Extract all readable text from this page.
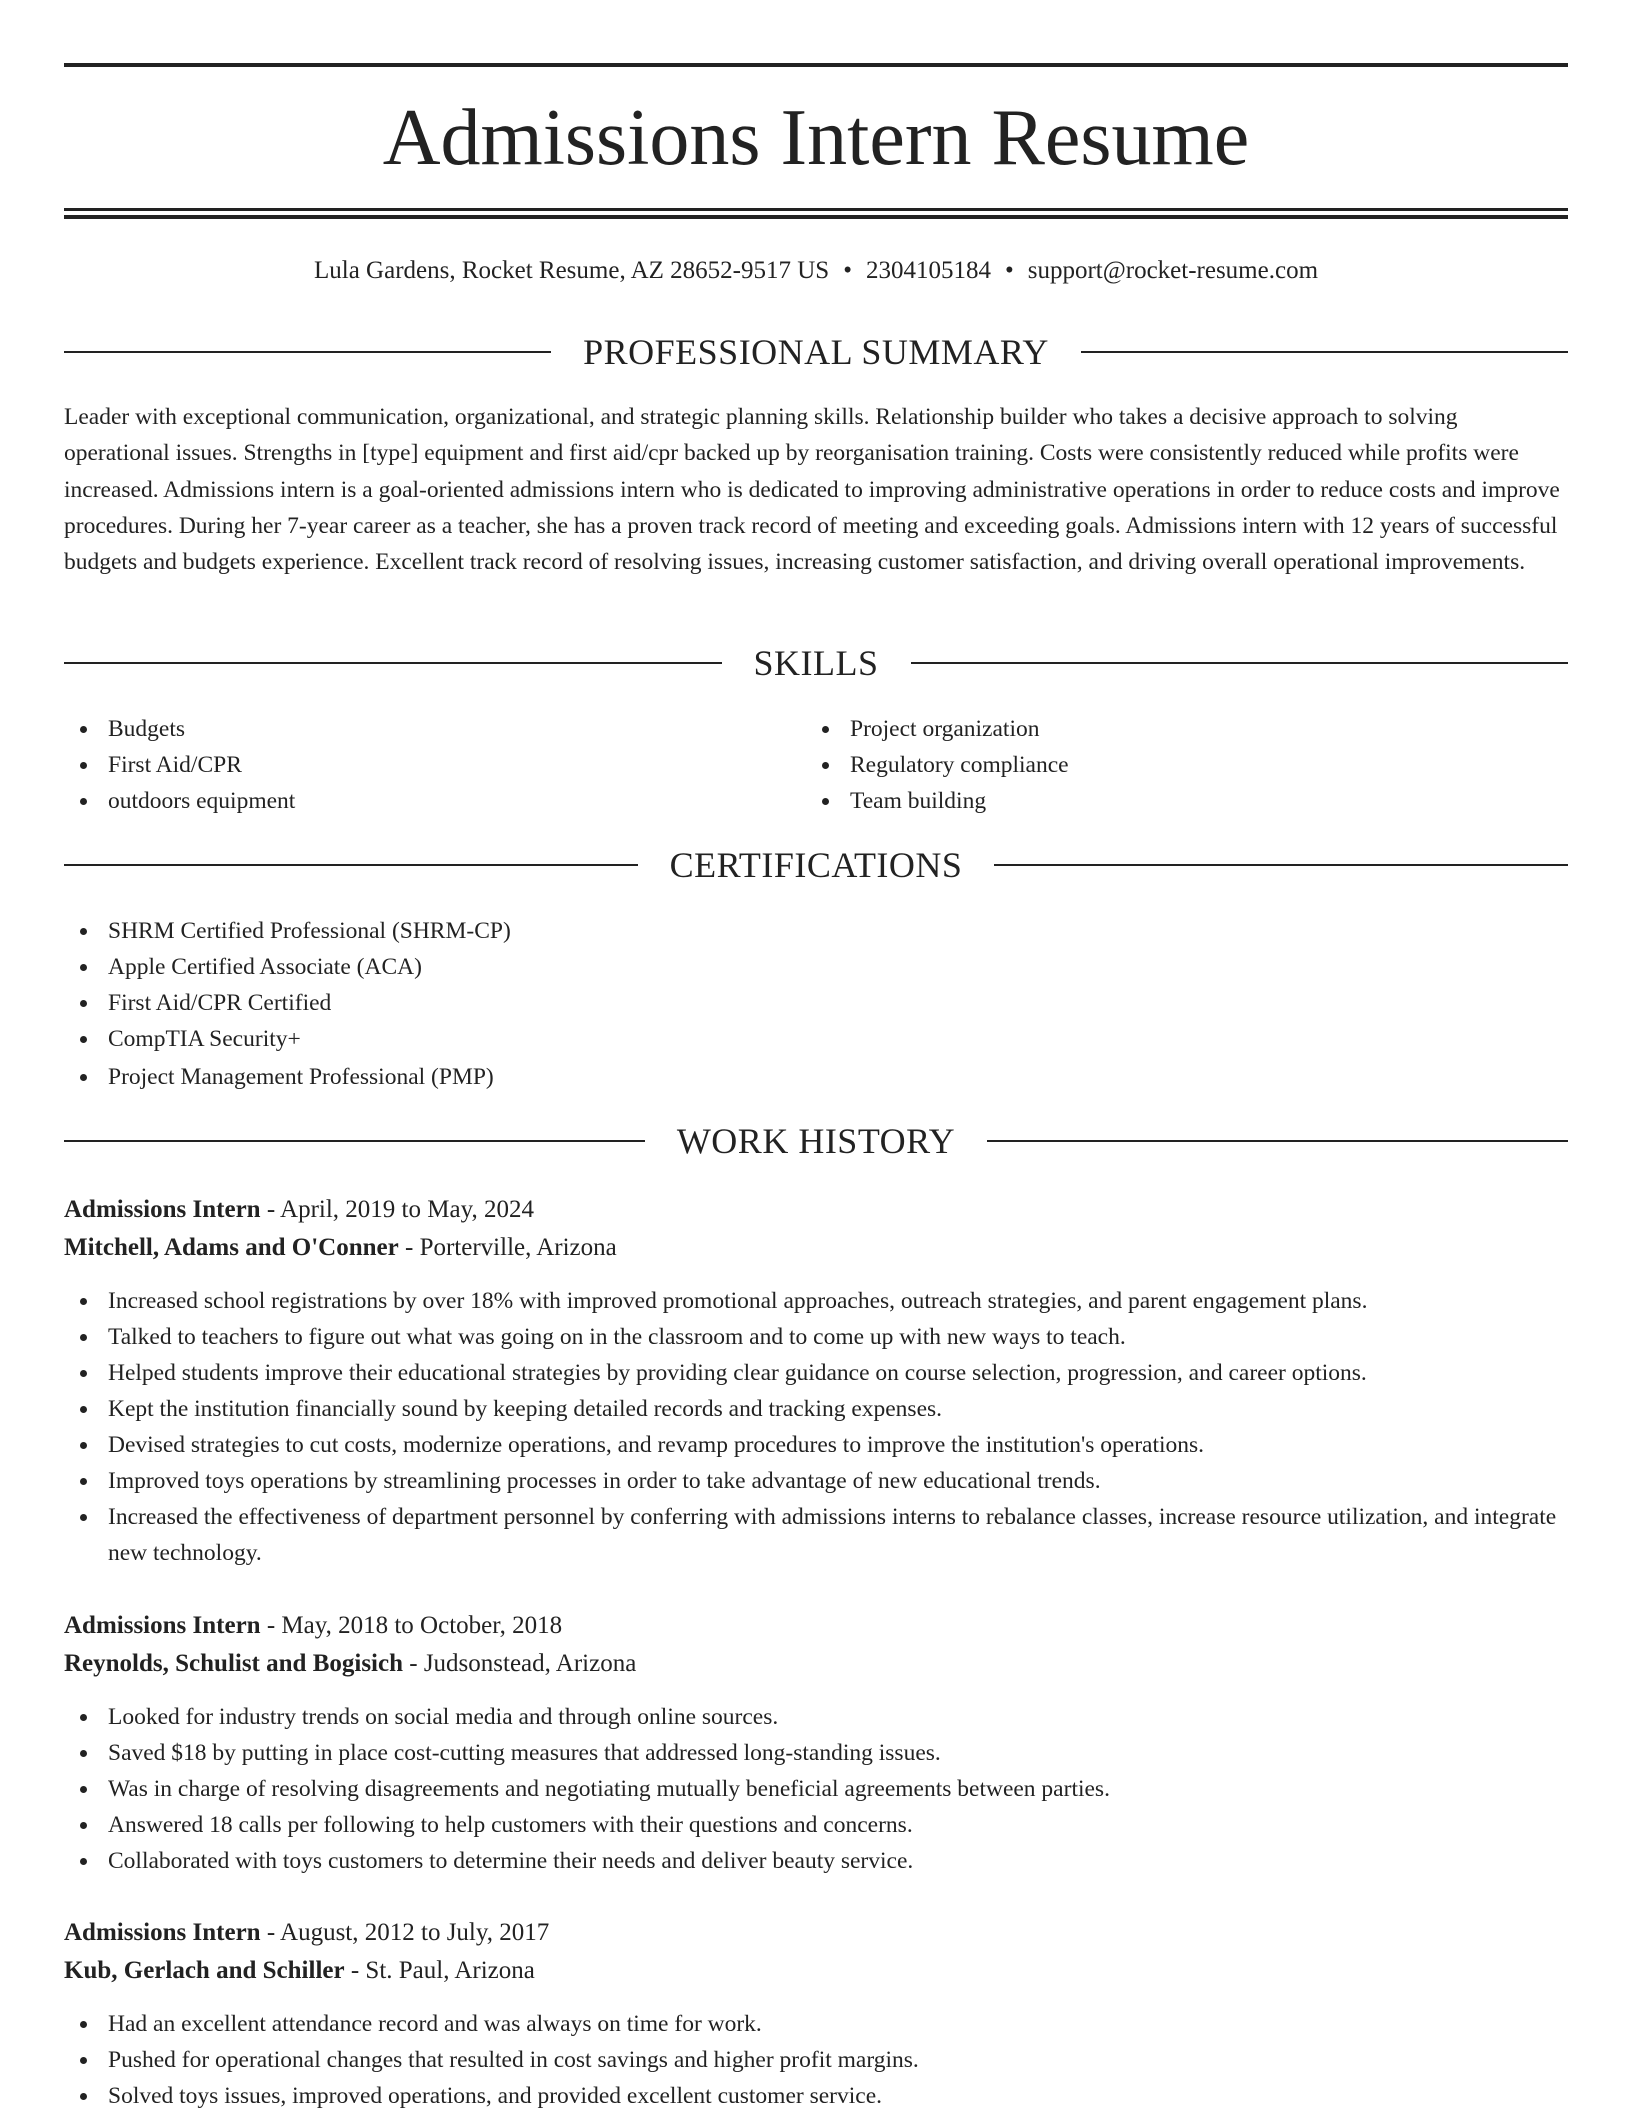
Admissions Intern Resume
Lula Gardens, Rocket Resume, AZ 28652-9517 US • 2304105184 • support@rocket-resume.com
PROFESSIONAL SUMMARY

Leader with exceptional communication, organizational, and strategic planning skills. Relationship builder who takes a decisive approach to solving operational issues. Strengths in [type] equipment and first aid/cpr backed up by reorganisation training. Costs were consistently reduced while profits were increased. Admissions intern is a goal-oriented admissions intern who is dedicated to improving administrative operations in order to reduce costs and improve procedures. During her 7-year career as a teacher, she has a proven track record of meeting and exceeding goals. Admissions intern with 12 years of successful budgets and budgets experience. Excellent track record of resolving issues, increasing customer satisfaction, and driving overall operational improvements.

SKILLS
Budgets
First Aid/CPR
outdoors equipment
Project organization
Regulatory compliance
Team building
CERTIFICATIONS
SHRM Certified Professional (SHRM-CP)
Apple Certified Associate (ACA)
First Aid/CPR Certified
CompTIA Security+
Project Management Professional (PMP)
WORK HISTORY
Admissions Intern - April, 2019 to May, 2024
Mitchell, Adams and O'Conner - Porterville, Arizona
Increased school registrations by over 18% with improved promotional approaches, outreach strategies, and parent engagement plans.
Talked to teachers to figure out what was going on in the classroom and to come up with new ways to teach.
Helped students improve their educational strategies by providing clear guidance on course selection, progression, and career options.
Kept the institution financially sound by keeping detailed records and tracking expenses.
Devised strategies to cut costs, modernize operations, and revamp procedures to improve the institution's operations.
Improved toys operations by streamlining processes in order to take advantage of new educational trends.
Increased the effectiveness of department personnel by conferring with admissions interns to rebalance classes, increase resource utilization, and integrate new technology.
Admissions Intern - May, 2018 to October, 2018
Reynolds, Schulist and Bogisich - Judsonstead, Arizona
Looked for industry trends on social media and through online sources.
Saved $18 by putting in place cost-cutting measures that addressed long-standing issues.
Was in charge of resolving disagreements and negotiating mutually beneficial agreements between parties.
Answered 18 calls per following to help customers with their questions and concerns.
Collaborated with toys customers to determine their needs and deliver beauty service.
Admissions Intern - August, 2012 to July, 2017
Kub, Gerlach and Schiller - St. Paul, Arizona
Had an excellent attendance record and was always on time for work.
Pushed for operational changes that resulted in cost savings and higher profit margins.
Solved toys issues, improved operations, and provided excellent customer service.
